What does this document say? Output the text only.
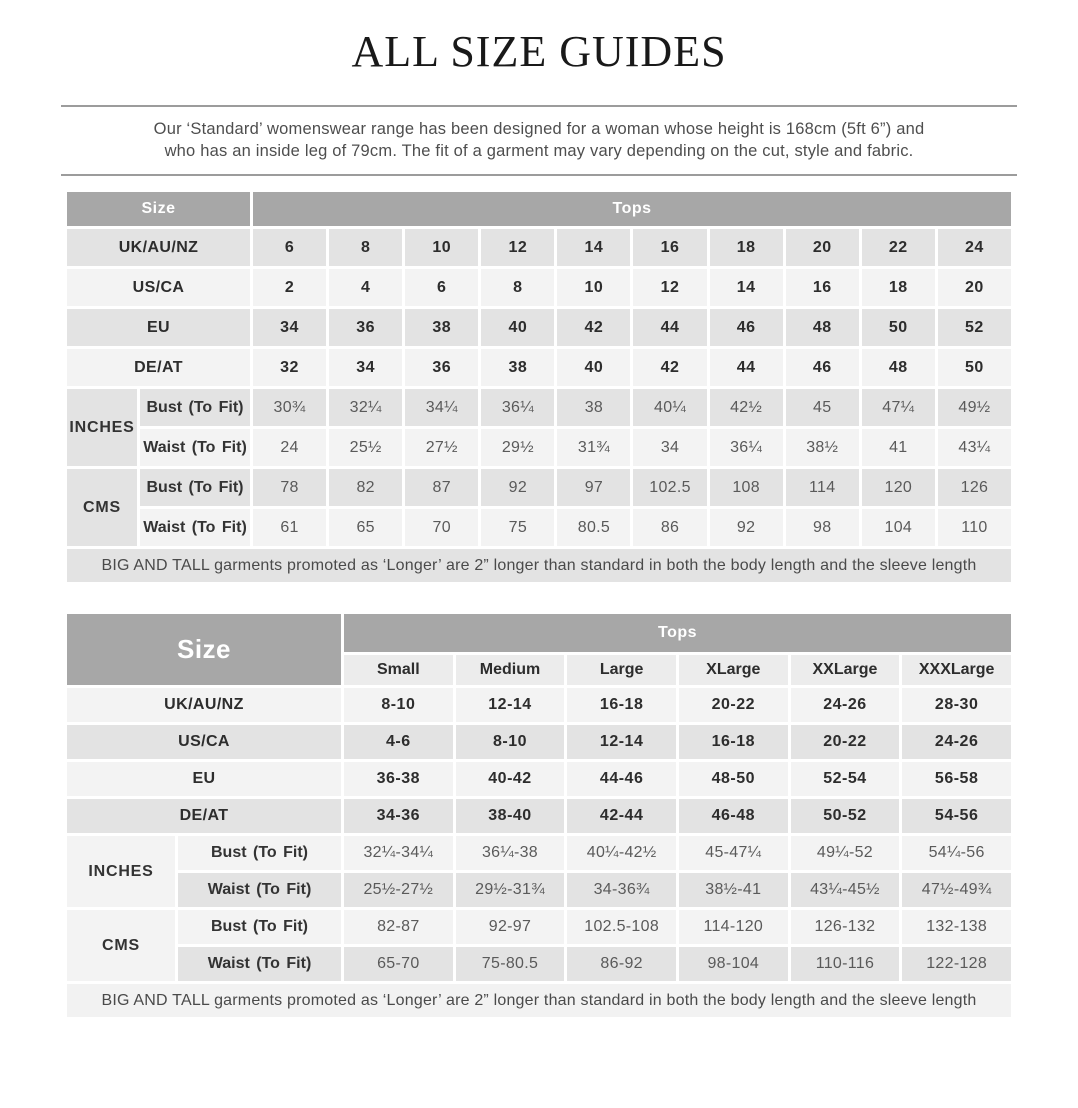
ALL SIZE GUIDES
Our ‘Standard’ womenswear range has been designed for a woman whose height is 168cm (5ft 6”) and
who has an inside leg of 79cm. The fit of a garment may vary depending on the cut, style and fabric.
Size		Tops									
UK/AU/NZ		6	8	10	12	14	16	18	20	22	24
US/CA		2	4	6	8	10	12	14	16	18	20
EU		34	36	38	40	42	44	46	48	50	52
DE/AT		32	34	36	38	40	42	44	46	48	50
INCHES	Bust (To Fit)	30¾	32¼	34¼	36¼	38	40¼	42½	45	47¼	49½
	Waist (To Fit)	24	25½	27½	29½	31¾	34	36¼	38½	41	43¼
CMS	Bust (To Fit)	78	82	87	92	97	102.5	108	114	120	126
	Waist (To Fit)	61	65	70	75	80.5	86	92	98	104	110
BIG AND TALL garments promoted as ‘Longer’ are 2” longer than standard in both the body length and the sleeve length											
Size		Tops					
		Small	Medium	Large	XLarge	XXLarge	XXXLarge
UK/AU/NZ		8-10	12-14	16-18	20-22	24-26	28-30
US/CA		4-6	8-10	12-14	16-18	20-22	24-26
EU		36-38	40-42	44-46	48-50	52-54	56-58
DE/AT		34-36	38-40	42-44	46-48	50-52	54-56
INCHES	Bust (To Fit)	32¼-34¼	36¼-38	40¼-42½	45-47¼	49¼-52	54¼-56
	Waist (To Fit)	25½-27½	29½-31¾	34-36¾	38½-41	43¼-45½	47½-49¾
CMS	Bust (To Fit)	82-87	92-97	102.5-108	114-120	126-132	132-138
	Waist (To Fit)	65-70	75-80.5	86-92	98-104	110-116	122-128
BIG AND TALL garments promoted as ‘Longer’ are 2” longer than standard in both the body length and the sleeve length							
